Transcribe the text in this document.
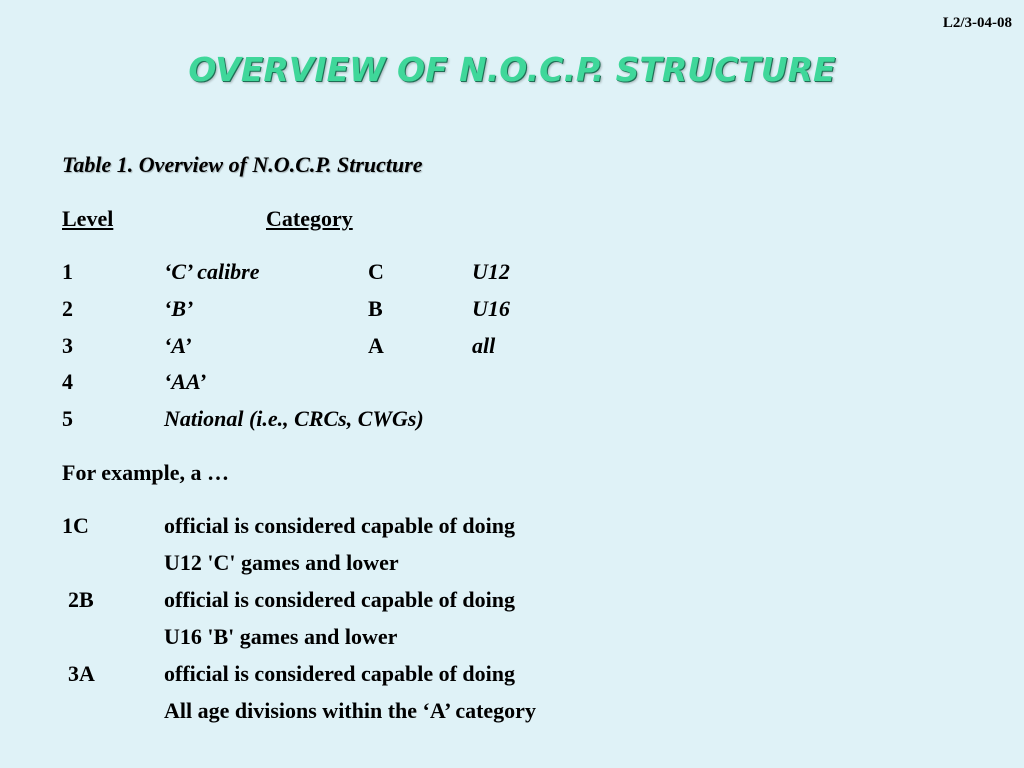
L2/3-04-08
OVERVIEW OF N.O.C.P. STRUCTURE
Table 1. Overview of N.O.C.P. Structure
Level	Category
1	‘C’ calibre	C	U12
2	‘B’	B	U16
3	‘A’	A	all
4	‘AA’
5	National (i.e., CRCs, CWGs)
For example, a …
1C	official is considered capable of doing
U12 'C' games and lower
2B	official is considered capable of doing
U16 'B' games and lower
3A	official is considered capable of doing
All age divisions within the ‘A’ category
